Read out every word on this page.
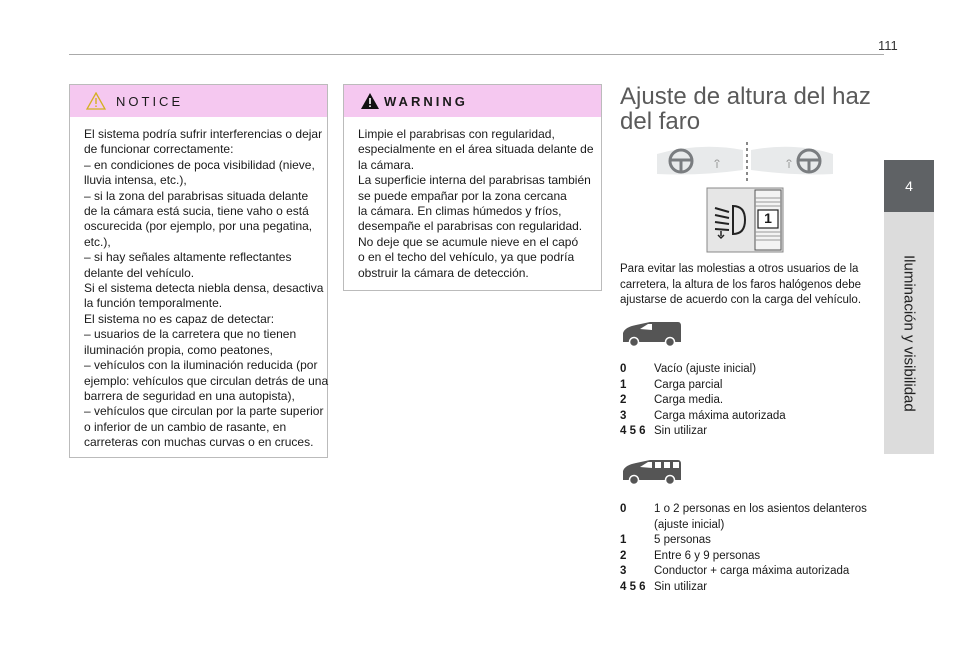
111
4
Iluminación y visibilidad
NOTICE
El sistema podría sufrir interferencias o dejar
de funcionar correctamente:
– en condiciones de poca visibilidad (nieve,
lluvia intensa, etc.),
– si la zona del parabrisas situada delante
de la cámara está sucia, tiene vaho o está
oscurecida (por ejemplo, por una pegatina,
etc.),
– si hay señales altamente reflectantes
delante del vehículo.
Si el sistema detecta niebla densa, desactiva
la función temporalmente.
El sistema no es capaz de detectar:
– usuarios de la carretera que no tienen
iluminación propia, como peatones,
– vehículos con la iluminación reducida (por
ejemplo: vehículos que circulan detrás de una
barrera de seguridad en una autopista),
– vehículos que circulan por la parte superior
o inferior de un cambio de rasante, en
carreteras con muchas curvas o en cruces.
WARNING
Limpie el parabrisas con regularidad,
especialmente en el área situada delante de
la cámara.
La superficie interna del parabrisas también
se puede empañar por la zona cercana
la cámara. En climas húmedos y fríos,
desempañe el parabrisas con regularidad.
No deje que se acumule nieve en el capó
o en el techo del vehículo, ya que podría
obstruir la cámara de detección.
Ajuste de altura del haz
del faro
1
Para evitar las molestias a otros usuarios de la
carretera, la altura de los faros halógenos debe
ajustarse de acuerdo con la carga del vehículo.
0	Vacío (ajuste inicial)
1	Carga parcial
2	Carga media.
3	Carga máxima autorizada
4 5 6 Sin utilizar
0	1 o 2 personas en los asientos delanteros
(ajuste inicial)
1	5 personas
2	Entre 6 y 9 personas
3	Conductor + carga máxima autorizada
4 5 6 Sin utilizar
